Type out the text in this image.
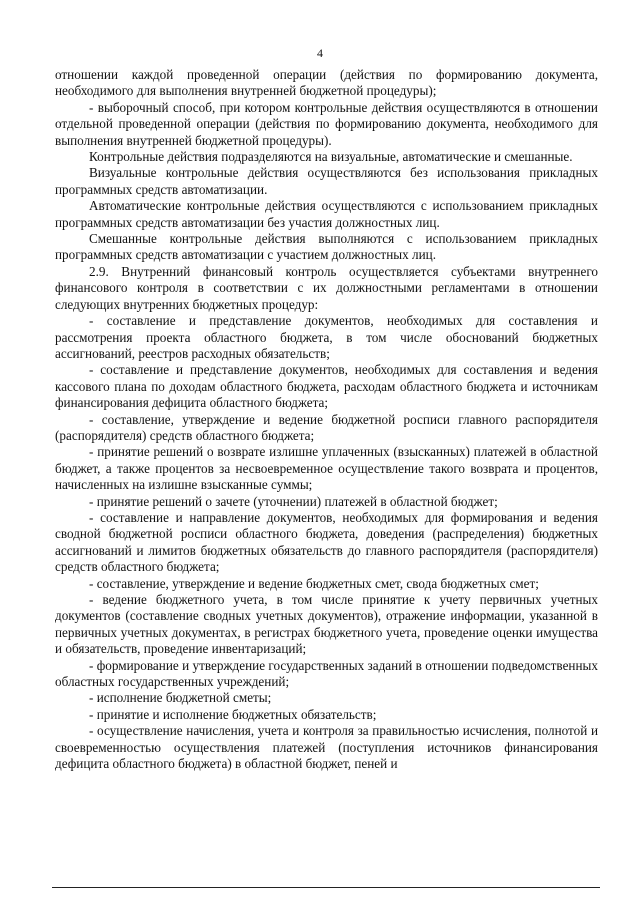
4

отношении каждой проведенной операции (действия по формированию документа, необходимого для выполнения внутренней бюджетной процедуры);

- выборочный способ, при котором контрольные действия осуществляются в отношении отдельной проведенной операции (действия по формированию документа, необходимого для выполнения внутренней бюджетной процедуры).

Контрольные действия подразделяются на визуальные, автоматические и смешанные.

Визуальные контрольные действия осуществляются без использования прикладных программных средств автоматизации.

Автоматические контрольные действия осуществляются с использованием прикладных программных средств автоматизации без участия должностных лиц.

Смешанные контрольные действия выполняются с использованием прикладных программных средств автоматизации с участием должностных лиц.

2.9. Внутренний финансовый контроль осуществляется субъектами внутреннего финансового контроля в соответствии с их должностными регламентами в отношении следующих внутренних бюджетных процедур:

- составление и представление документов, необходимых для составления и рассмотрения проекта областного бюджета, в том числе обоснований бюджетных ассигнований, реестров расходных обязательств;

- составление и представление документов, необходимых для составления и ведения кассового плана по доходам областного бюджета, расходам областного бюджета и источникам финансирования дефицита областного бюджета;

- составление, утверждение и ведение бюджетной росписи главного распорядителя (распорядителя) средств областного бюджета;

- принятие решений о возврате излишне уплаченных (взысканных) платежей в областной бюджет, а также процентов за несвоевременное осуществление такого возврата и процентов, начисленных на излишне взысканные суммы;

- принятие решений о зачете (уточнении) платежей в областной бюджет;

- составление и направление документов, необходимых для формирования и ведения сводной бюджетной росписи областного бюджета, доведения (распределения) бюджетных ассигнований и лимитов бюджетных обязательств до главного распорядителя (распорядителя) средств областного бюджета;

- составление, утверждение и ведение бюджетных смет, свода бюджетных смет;

- ведение бюджетного учета, в том числе принятие к учету первичных учетных документов (составление сводных учетных документов), отражение информации, указанной в первичных учетных документах, в регистрах бюджетного учета, проведение оценки имущества и обязательств, проведение инвентаризаций;

- формирование и утверждение государственных заданий в отношении подведомственных областных государственных учреждений;

- исполнение бюджетной сметы;

- принятие и исполнение бюджетных обязательств;

- осуществление начисления, учета и контроля за правильностью исчисления, полнотой и своевременностью осуществления платежей (поступления источников финансирования дефицита областного бюджета) в областной бюджет, пеней и
